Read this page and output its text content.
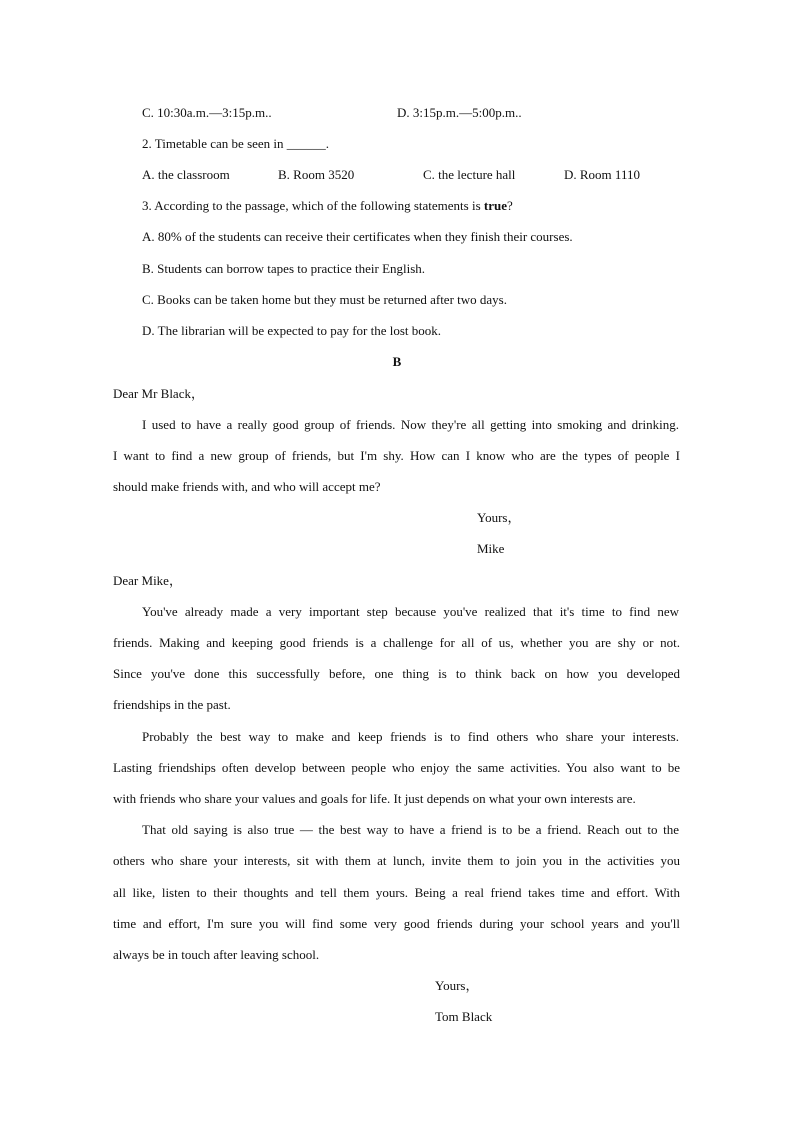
C. 10:30a.m.—3:15p.m..	D. 3:15p.m.—5:00p.m..
2. Timetable can be seen in ______.
A. the classroom	B. Room 3520	C. the lecture hall	D. Room 1110
3. According to the passage, which of the following statements is true?
A. 80% of the students can receive their certificates when they finish their courses.
B. Students can borrow tapes to practice their English.
C. Books can be taken home but they must be returned after two days.
D. The librarian will be expected to pay for the lost book.
B
Dear Mr Black，
I used to have a really good group of friends. Now they're all getting into smoking and drinking.
I want to find a new group of friends, but I'm shy. How can I know who are the types of people I
should make friends with, and who will accept me?
Yours，
Mike
Dear Mike，
You've already made a very important step because you've realized that it's time to find new
friends. Making and keeping good friends is a challenge for all of us, whether you are shy or not.
Since you've done this successfully before, one thing is to think back on how you developed
friendships in the past.
Probably the best way to make and keep friends is to find others who share your interests.
Lasting friendships often develop between people who enjoy the same activities. You also want to be
with friends who share your values and goals for life. It just depends on what your own interests are.
That old saying is also true — the best way to have a friend is to be a friend. Reach out to the
others who share your interests, sit with them at lunch, invite them to join you in the activities you
all like, listen to their thoughts and tell them yours. Being a real friend takes time and effort. With
time and effort, I'm sure you will find some very good friends during your school years and you'll
always be in touch after leaving school.
Yours，
Tom Black
